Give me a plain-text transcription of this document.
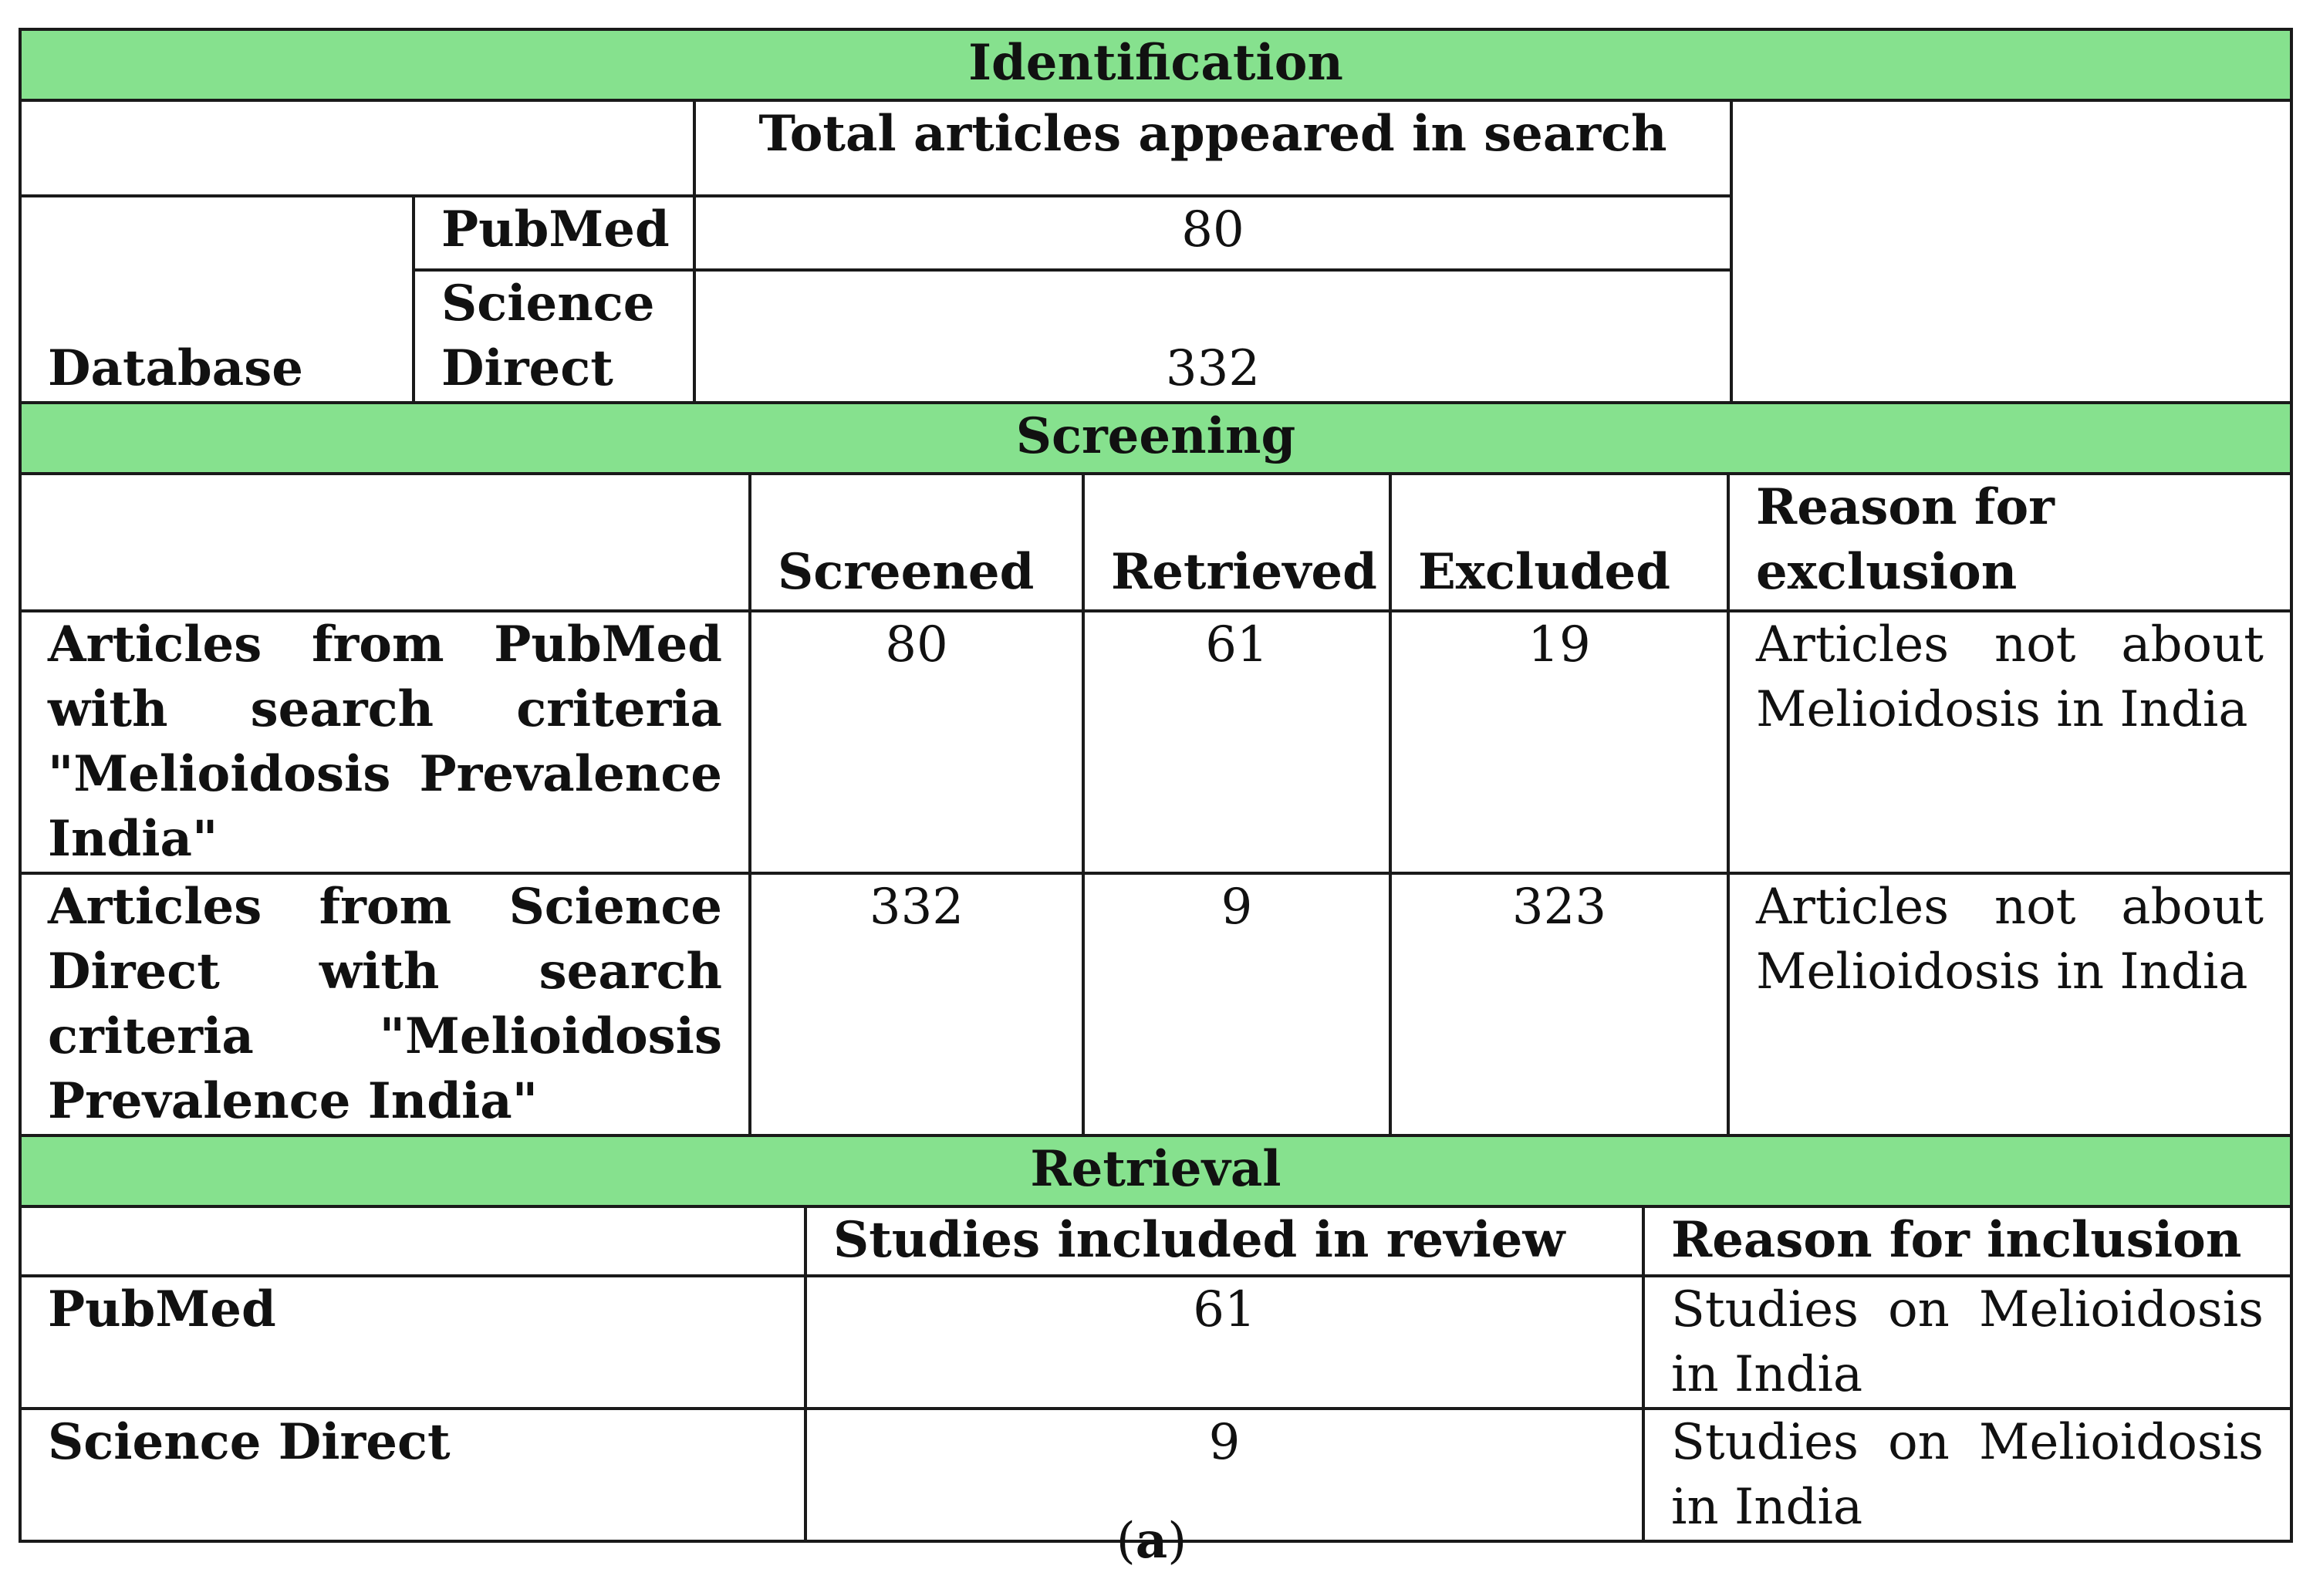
Identification			
		Total articles appeared in search	
Database	PubMed	80	
	Science Direct	332	
Screening			
	Screened	Retrieved	Excluded	Reason for exclusion
Articles from PubMed with search criteria "Melioidosis Prevalence India"	80	61	19	Articles not about Melioidosis in India
Articles from Science Direct with search criteria "Melioidosis Prevalence India"	332	9	323	Articles not about Melioidosis in India
Retrieval				
	Studies included in review	Reason for inclusion
PubMed	61	Studies on Melioidosis in India
Science Direct	9	Studies on Melioidosis in India
(a)
